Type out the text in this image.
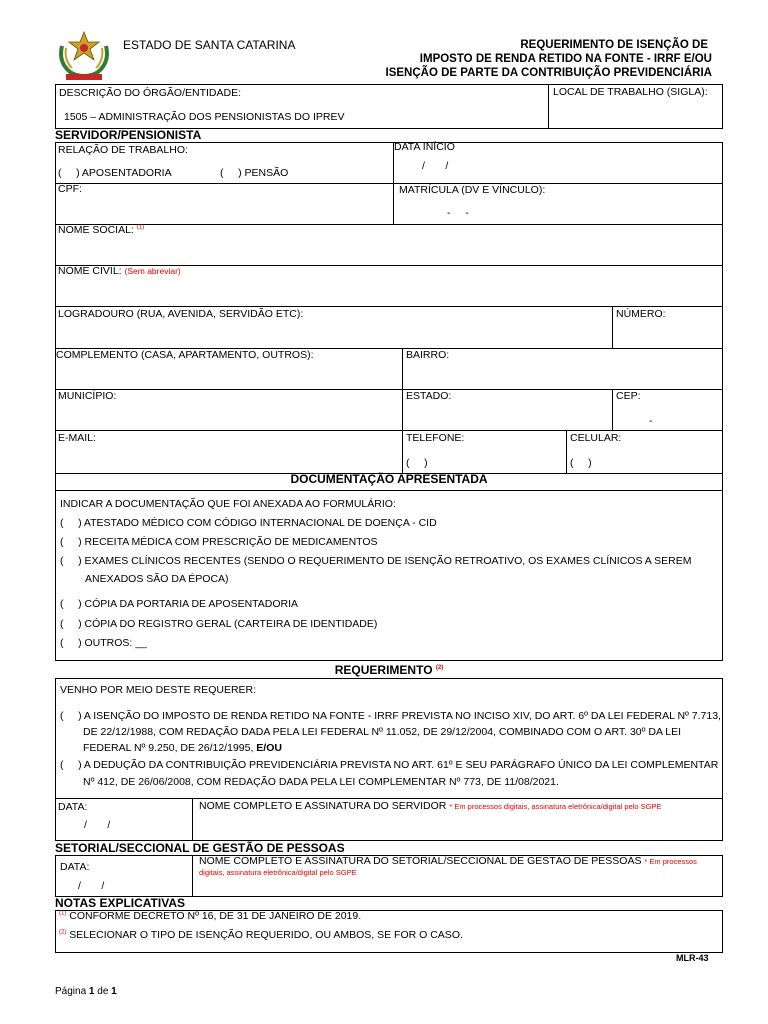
ESTADO DE SANTA CATARINA	REQUERIMENTO DE ISENÇÃO DE
IMPOSTO DE RENDA RETIDO NA FONTE - IRRF E/OU
ISENÇÃO DE PARTE DA CONTRIBUIÇÃO PREVIDENCIÁRIA
DESCRIÇÃO DO ÓRGÃO/ENTIDADE:
1505 – ADMINISTRAÇÃO DOS PENSIONISTAS DO IPREV
LOCAL DE TRABALHO (SIGLA):
SERVIDOR/PENSIONISTA
RELAÇÃO DE TRABALHO:
(     ) APOSENTADORIA	(     ) PENSÃO
DATA INÍCIO
/       /
CPF:	MATRÍCULA (DV E VÍNCULO):
-     -
NOME SOCIAL: $^{(1)}$
NOME CIVIL: (Sem abreviar)
LOGRADOURO (RUA, AVENIDA, SERVIDÃO ETC):	NÚMERO:
COMPLEMENTO (CASA, APARTAMENTO, OUTROS):	BAIRRO:
MUNICÍPIO:	ESTADO:	CEP:
-
E-MAIL:	TELEFONE:
(     )
CELULAR:
(     )
DOCUMENTAÇÃO APRESENTADA
INDICAR A DOCUMENTAÇÃO QUE FOI ANEXADA AO FORMULÁRIO:
(     ) ATESTADO MÉDICO COM CÓDIGO INTERNACIONAL DE DOENÇA - CID
(     ) RECEITA MÉDICA COM PRESCRIÇÃO DE MEDICAMENTOS
(     ) EXAMES CLÍNICOS RECENTES (SENDO O REQUERIMENTO DE ISENÇÃO RETROATIVO, OS EXAMES CLÍNICOS A SEREM
ANEXADOS SÃO DA ÉPOCA)
(     ) CÓPIA DA PORTARIA DE APOSENTADORIA
(     ) CÓPIA DO REGISTRO GERAL (CARTEIRA DE IDENTIDADE)
(     ) OUTROS: __
REQUERIMENTO $^{(2)}$
VENHO POR MEIO DESTE REQUERER:
(     ) A ISENÇÃO DO IMPOSTO DE RENDA RETIDO NA FONTE - IRRF PREVISTA NO INCISO XIV, DO ART. 6º DA LEI FEDERAL Nº 7.713,
DE 22/12/1988, COM REDAÇÃO DADA PELA LEI FEDERAL Nº 11.052, DE 29/12/2004, COMBINADO COM O ART. 30º DA LEI
FEDERAL Nº 9.250, DE 26/12/1995, E/OU
(     ) A DEDUÇÃO DA CONTRIBUIÇÃO PREVIDENCIÁRIA PREVISTA NO ART. 61º E SEU PARÁGRAFO ÚNICO DA LEI COMPLEMENTAR
Nº 412, DE 26/06/2008, COM REDAÇÃO DADA PELA LEI COMPLEMENTAR Nº 773, DE 11/08/2021.
DATA:
/       /
NOME COMPLETO E ASSINATURA DO SERVIDOR * Em processos digitais, assinatura eletrônica/digital pelo SGPE
SETORIAL/SECCIONAL DE GESTÃO DE PESSOAS
DATA:
/       /
NOME COMPLETO E ASSINATURA DO SETORIAL/SECCIONAL DE GESTÃO DE PESSOAS * Em processos
digitais, assinatura eletrônica/digital pelo SGPE
NOTAS EXPLICATIVAS
$^{(1)}$ CONFORME DECRETO Nº 16, DE 31 DE JANEIRO DE 2019.
$^{(2)}$ SELECIONAR O TIPO DE ISENÇÃO REQUERIDO, OU AMBOS, SE FOR O CASO.
MLR-43
Página 1 de 1
